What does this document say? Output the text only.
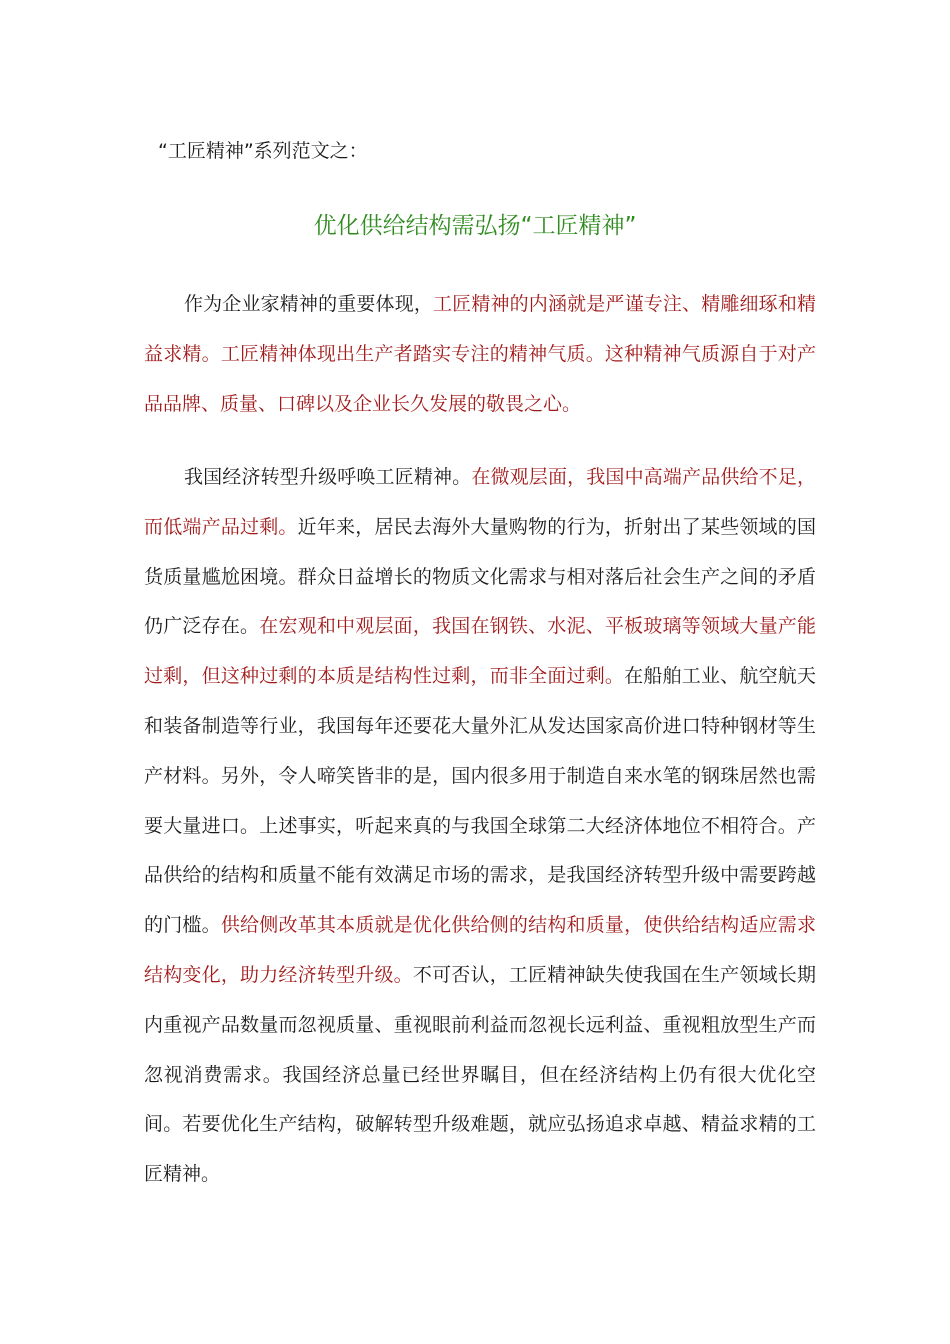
“工匠精神”系列范文之：
优化供给结构需弘扬“工匠精神”

作为企业家精神的重要体现，工匠精神的内涵就是严谨专注、精雕细琢和精益求精。工匠精神体现出生产者踏实专注的精神气质。这种精神气质源自于对产品品牌、质量、口碑以及企业长久发展的敬畏之心。

我国经济转型升级呼唤工匠精神。在微观层面，我国中高端产品供给不足，而低端产品过剩。近年来，居民去海外大量购物的行为，折射出了某些领域的国货质量尴尬困境。群众日益增长的物质文化需求与相对落后社会生产之间的矛盾仍广泛存在。在宏观和中观层面，我国在钢铁、水泥、平板玻璃等领域大量产能过剩，但这种过剩的本质是结构性过剩，而非全面过剩。在船舶工业、航空航天和装备制造等行业，我国每年还要花大量外汇从发达国家高价进口特种钢材等生产材料。另外，令人啼笑皆非的是，国内很多用于制造自来水笔的钢珠居然也需要大量进口。上述事实，听起来真的与我国全球第二大经济体地位不相符合。产品供给的结构和质量不能有效满足市场的需求，是我国经济转型升级中需要跨越的门槛。供给侧改革其本质就是优化供给侧的结构和质量，使供给结构适应需求结构变化，助力经济转型升级。不可否认，工匠精神缺失使我国在生产领域长期内重视产品数量而忽视质量、重视眼前利益而忽视长远利益、重视粗放型生产而忽视消费需求。我国经济总量已经世界瞩目，但在经济结构上仍有很大优化空间。若要优化生产结构，破解转型升级难题，就应弘扬追求卓越、精益求精的工匠精神。
